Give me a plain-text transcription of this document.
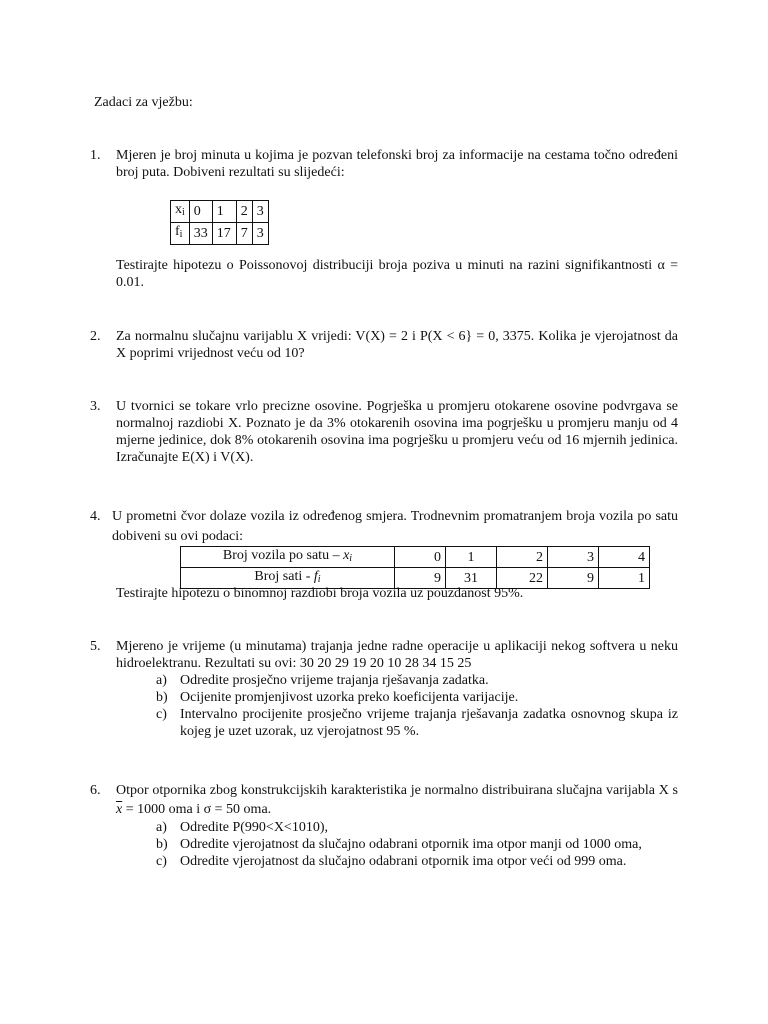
Zadaci za vježbu:
1. Mjeren je broj minuta u kojima je pozvan telefonski broj za informacije na cestama točno određeni broj puta. Dobiveni rezultati su slijedeći:

$x_i$	0	1	2	3
$f_i$	33	17	7	3

Testirajte hipotezu o Poissonovoj distribuciji broja poziva u minuti na razini signifikantnosti α = 0.01.

2. Za normalnu slučajnu varijablu X vrijedi: V(X) = 2 i P(X < 6} = 0, 3375. Kolika je vjerojatnost da X poprimi vrijednost veću od 10?

3. U tvornici se tokare vrlo precizne osovine. Pogrješka u promjeru otokarene osovine podvrgava se normalnoj razdiobi X. Poznato je da 3% otokarenih osovina ima pogrješku u promjeru manju od 4 mjerne jedinice, dok 8% otokarenih osovina ima pogrješku u promjeru veću od 16 mjernih jedinica. Izračunajte E(X) i V(X).

4. U prometni čvor dolaze vozila iz određenog smjera. Trodnevnim promatranjem broja vozila po satu dobiveni su ovi podaci:

Broj vozila po satu – $x_i$	0	1	2	3	4
Broj sati - $f_i$	9	31	22	9	1

Testirajte hipotezu o binomnoj razdiobi broja vozila uz pouzdanost 95%.

5. Mjereno je vrijeme (u minutama) trajanja jedne radne operacije u aplikaciji nekog softvera u neku hidroelektranu. Rezultati su ovi: 30 20 29 19 20 10 28 34 15 25

a) Odredite prosječno vrijeme trajanja rješavanja zadatka.
b) Ocijenite promjenjivost uzorka preko koeficijenta varijacije.
c) Intervalno procijenite prosječno vrijeme trajanja rješavanja zadatka osnovnog skupa iz kojeg je uzet uzorak, uz vjerojatnost 95 %.
6. Otpor otpornika zbog konstrukcijskih karakteristika je normalno distribuirana slučajna varijabla X s $\overline{x} = 1000$ oma i σ = 50 oma.

a) Odredite P(990<X<1010),
b) Odredite vjerojatnost da slučajno odabrani otpornik ima otpor manji od 1000 oma,
c) Odredite vjerojatnost da slučajno odabrani otpornik ima otpor veći od 999 oma.
